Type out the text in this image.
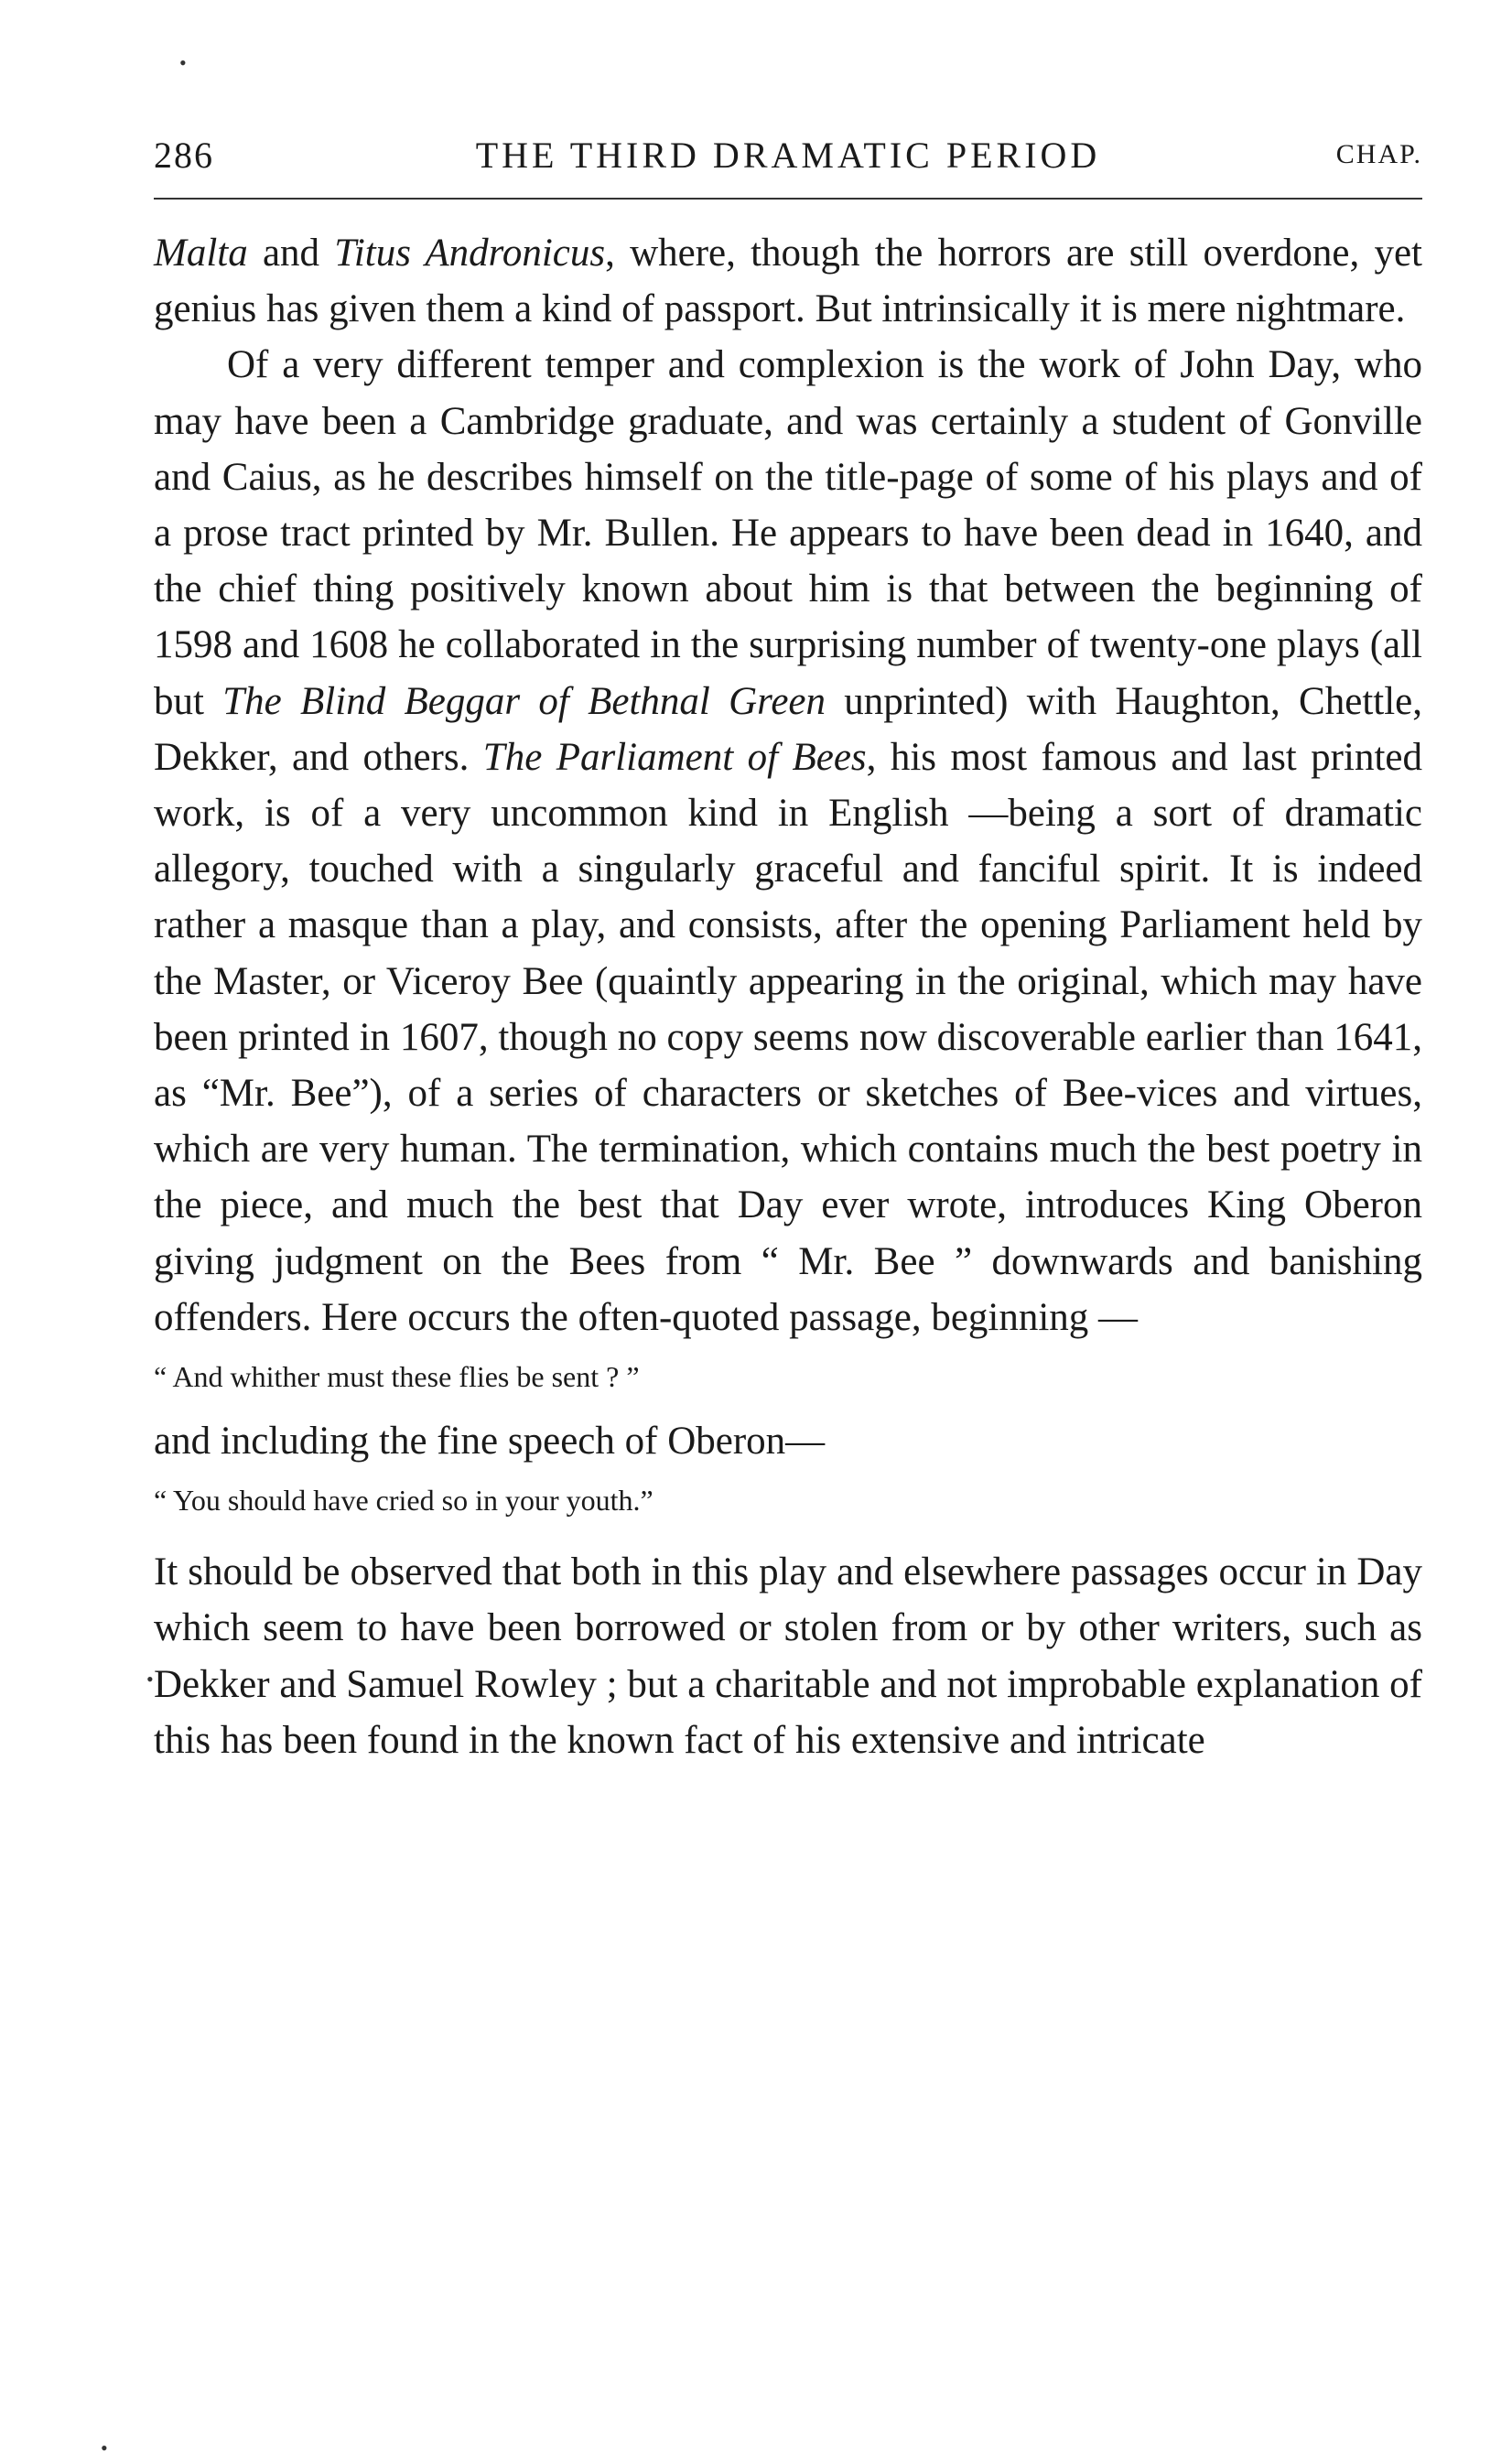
•
286	THE THIRD DRAMATIC PERIOD	CHAP.

Malta and Titus Andronicus, where, though the horrors are still overdone, yet genius has given them a kind of passport. But intrinsically it is mere nightmare.

Of a very different temper and complexion is the work of John Day, who may have been a Cambridge graduate, and was certainly a student of Gonville and Caius, as he describes himself on the title-page of some of his plays and of a prose tract printed by Mr. Bullen. He appears to have been dead in 1640, and the chief thing positively known about him is that between the beginning of 1598 and 1608 he collaborated in the surprising number of twenty-one plays (all but The Blind Beggar of Bethnal Green unprinted) with Haughton, Chettle, Dekker, and others. The Parliament of Bees, his most famous and last printed work, is of a very uncommon kind in English —being a sort of dramatic allegory, touched with a singularly graceful and fanciful spirit. It is indeed rather a masque than a play, and consists, after the opening Parliament held by the Master, or Viceroy Bee (quaintly appearing in the original, which may have been printed in 1607, though no copy seems now discoverable earlier than 1641, as “Mr. Bee”), of a series of characters or sketches of Bee-vices and virtues, which are very human. The termination, which contains much the best poetry in the piece, and much the best that Day ever wrote, introduces King Oberon giving judgment on the Bees from “ Mr. Bee ” downwards and banishing offenders. Here occurs the often-quoted passage, beginning —

“ And whither must these flies be sent ? ”

and including the fine speech of Oberon—

“ You should have cried so in your youth.”

It should be observed that both in this play and elsewhere passages occur in Day which seem to have been borrowed or stolen from or by other writers, such as Dekker and Samuel Rowley ; but a charitable and not improbable explanation of this has been found in the known fact of his extensive and intricate

•
•
